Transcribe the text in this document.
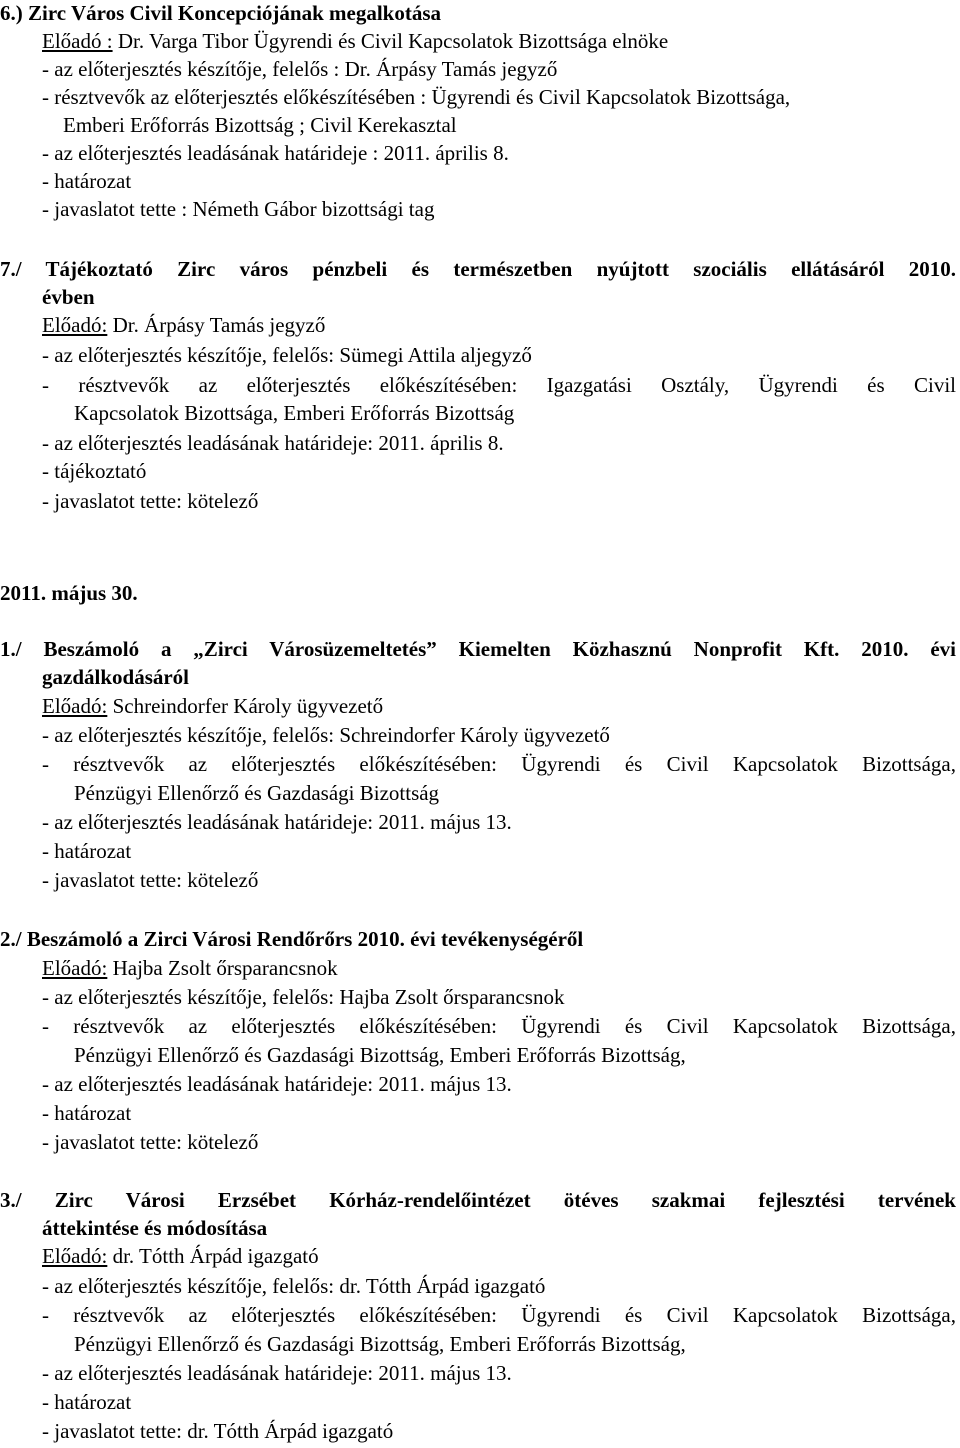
6.) Zirc Város Civil Koncepciójának megalkotása
Előadó : Dr. Varga Tibor Ügyrendi és Civil Kapcsolatok Bizottsága elnöke
- az előterjesztés készítője, felelős : Dr. Árpásy Tamás jegyző
- résztvevők az előterjesztés előkészítésében : Ügyrendi és Civil Kapcsolatok Bizottsága,
Emberi Erőforrás Bizottság ; Civil Kerekasztal
- az előterjesztés leadásának határideje : 2011. április 8.
- határozat
- javaslatot tette : Németh Gábor bizottsági tag
7./ Tájékoztató Zirc város pénzbeli és természetben nyújtott szociális ellátásáról 2010.
évben
Előadó: Dr. Árpásy Tamás jegyző
- az előterjesztés készítője, felelős: Sümegi Attila aljegyző
- résztvevők az előterjesztés előkészítésében: Igazgatási Osztály, Ügyrendi és Civil
Kapcsolatok Bizottsága, Emberi Erőforrás Bizottság
- az előterjesztés leadásának határideje: 2011. április 8.
- tájékoztató
- javaslatot tette: kötelező
2011. május 30.
1./ Beszámoló a „Zirci Városüzemeltetés” Kiemelten Közhasznú Nonprofit Kft. 2010. évi
gazdálkodásáról
Előadó: Schreindorfer Károly ügyvezető
- az előterjesztés készítője, felelős: Schreindorfer Károly ügyvezető
- résztvevők az előterjesztés előkészítésében: Ügyrendi és Civil Kapcsolatok Bizottsága,
Pénzügyi Ellenőrző és Gazdasági Bizottság
- az előterjesztés leadásának határideje: 2011. május 13.
- határozat
- javaslatot tette: kötelező
2./ Beszámoló a Zirci Városi Rendőrőrs 2010. évi tevékenységéről
Előadó: Hajba Zsolt őrsparancsnok
- az előterjesztés készítője, felelős: Hajba Zsolt őrsparancsnok
- résztvevők az előterjesztés előkészítésében: Ügyrendi és Civil Kapcsolatok Bizottsága,
Pénzügyi Ellenőrző és Gazdasági Bizottság, Emberi Erőforrás Bizottság,
- az előterjesztés leadásának határideje: 2011. május 13.
- határozat
- javaslatot tette: kötelező
3./ Zirc Városi Erzsébet Kórház-rendelőintézet ötéves szakmai fejlesztési tervének
áttekintése és módosítása
Előadó: dr. Tótth Árpád igazgató
- az előterjesztés készítője, felelős: dr. Tótth Árpád igazgató
- résztvevők az előterjesztés előkészítésében: Ügyrendi és Civil Kapcsolatok Bizottsága,
Pénzügyi Ellenőrző és Gazdasági Bizottság, Emberi Erőforrás Bizottság,
- az előterjesztés leadásának határideje: 2011. május 13.
- határozat
- javaslatot tette: dr. Tótth Árpád igazgató
